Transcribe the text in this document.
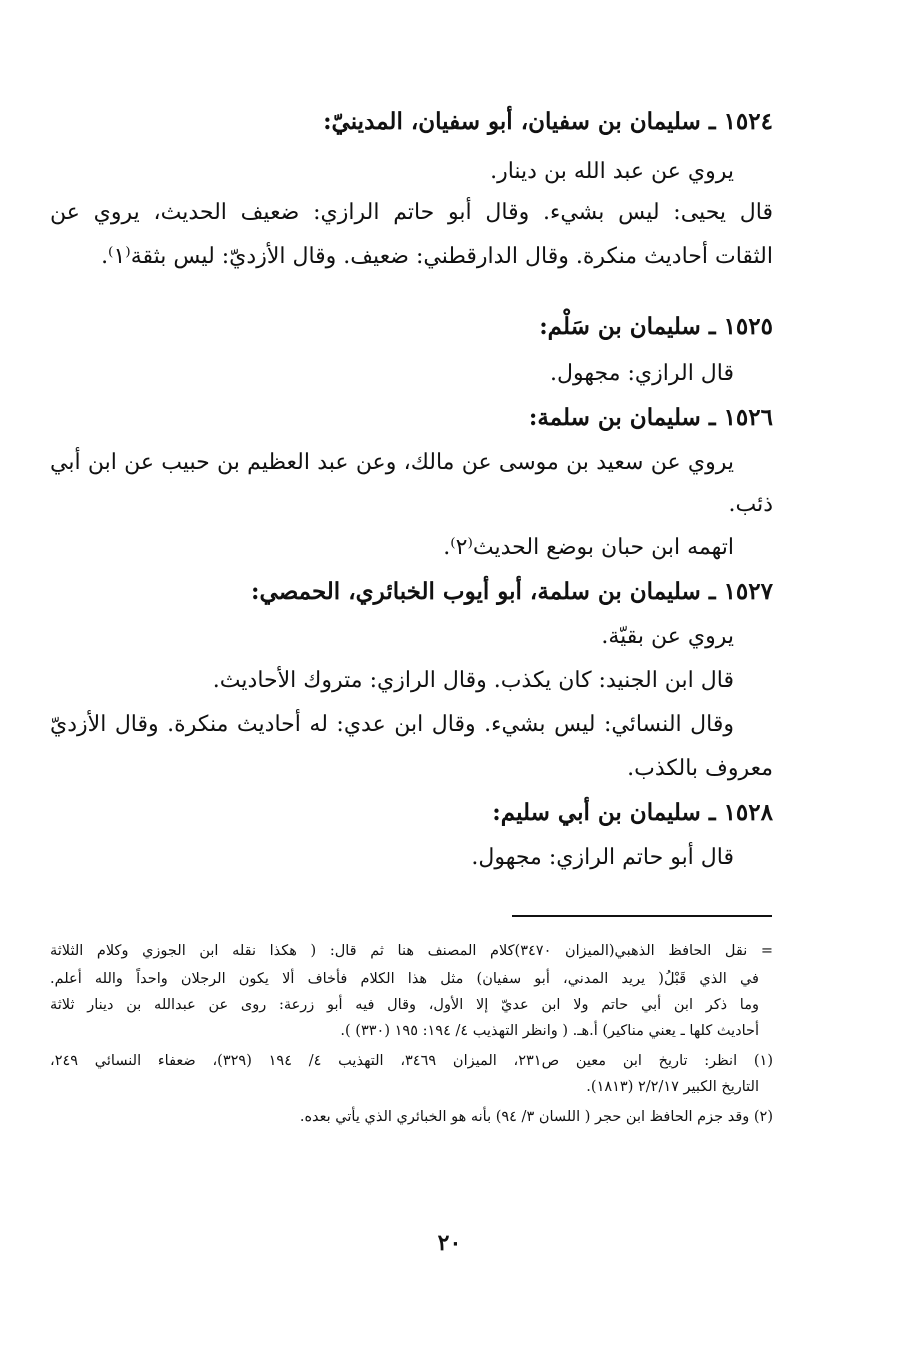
١٥٢٤ ـ سليمان بن سفيان، أبو سفيان، المدينيّ:
يروي عن عبد الله بن دينار.
قال يحيى: ليس بشيء. وقال أبو حاتم الرازي: ضعيف الحديث، يروي عن
الثقات أحاديث منكرة. وقال الدارقطني: ضعيف. وقال الأزديّ: ليس بثقة⁽١⁾.
١٥٢٥ ـ سليمان بن سَلْم:
قال الرازي: مجهول.
١٥٢٦ ـ سليمان بن سلمة:
يروي عن سعيد بن موسى عن مالك، وعن عبد العظيم بن حبيب عن ابن أبي
ذئب.
اتهمه ابن حبان بوضع الحديث⁽٢⁾.
١٥٢٧ ـ سليمان بن سلمة، أبو أيوب الخبائري، الحمصي:
يروي عن بقيّة.
قال ابن الجنيد: كان يكذب. وقال الرازي: متروك الأحاديث.
وقال النسائي: ليس بشيء. وقال ابن عدي: له أحاديث منكرة. وقال الأزديّ
معروف بالكذب.
١٥٢٨ ـ سليمان بن أبي سليم:
قال أبو حاتم الرازي: مجهول.
= نقل الحافظ الذهبي(الميزان ٣٤٧٠)كلام المصنف هنا ثم قال: ( هكذا نقله ابن الجوزي وكلام الثلاثة
في الذي قَبْلُ( يريد المدني، أبو سفيان) مثل هذا الكلام فأخاف ألا يكون الرجلان واحداً والله أعلم.
وما ذكر ابن أبي حاتم ولا ابن عديّ إلا الأول، وقال فيه أبو زرعة: روى عن عبدالله بن دينار ثلاثة
أحاديث كلها ـ يعني مناكير) أ.هـ. ( وانظر التهذيب ٤/ ١٩٤: ١٩٥ (٣٣٠) ).
(١) انظر: تاريخ ابن معين ص٢٣١، الميزان ٣٤٦٩، التهذيب ٤/ ١٩٤ (٣٢٩)، ضعفاء النسائي ٢٤٩،
التاريخ الكبير ٢/٢/١٧ (١٨١٣).
(٢) وقد جزم الحافظ ابن حجر ( اللسان ٣/ ٩٤) بأنه هو الخبائري الذي يأتي بعده.
٢٠
